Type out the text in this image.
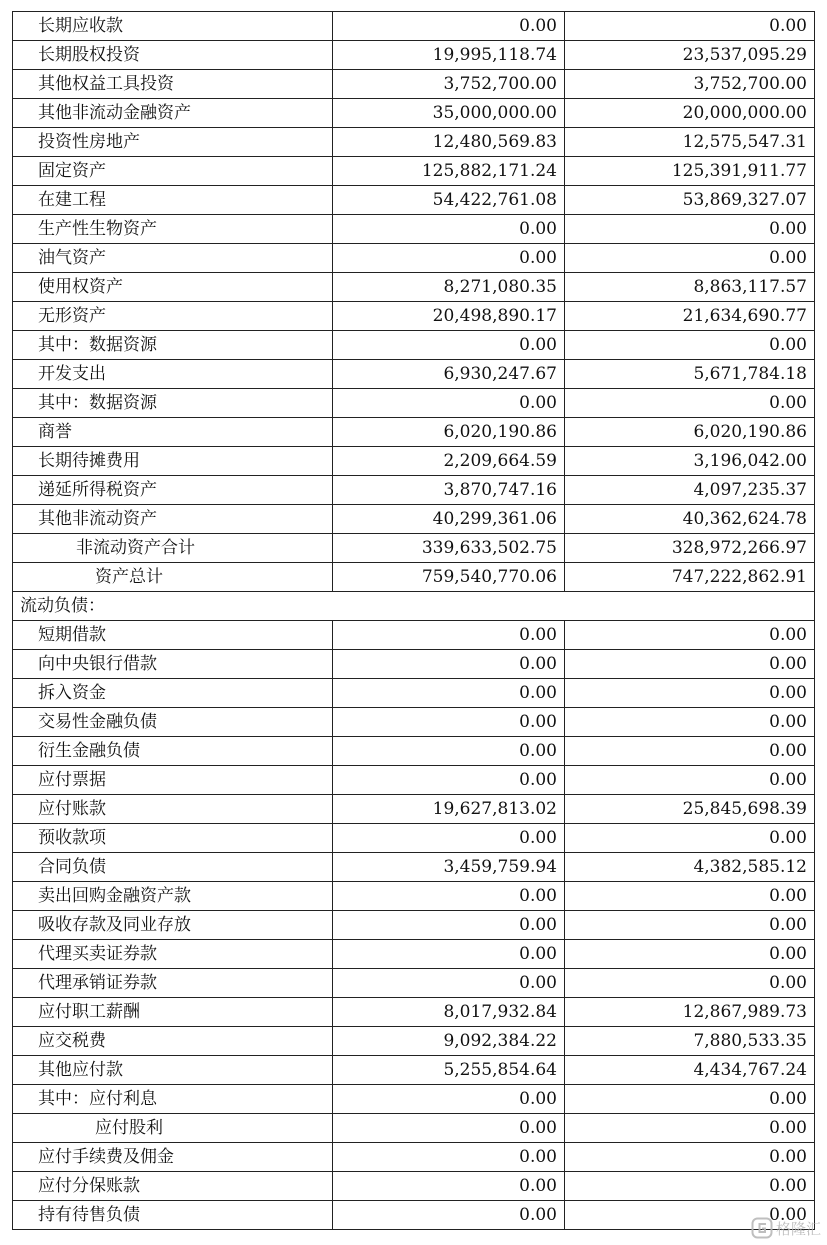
长期应收款	0.00	0.00
长期股权投资	19,995,118.74	23,537,095.29
其他权益工具投资	3,752,700.00	3,752,700.00
其他非流动金融资产	35,000,000.00	20,000,000.00
投资性房地产	12,480,569.83	12,575,547.31
固定资产	125,882,171.24	125,391,911.77
在建工程	54,422,761.08	53,869,327.07
生产性生物资产	0.00	0.00
油气资产	0.00	0.00
使用权资产	8,271,080.35	8,863,117.57
无形资产	20,498,890.17	21,634,690.77
其中：数据资源	0.00	0.00
开发支出	6,930,247.67	5,671,784.18
其中：数据资源	0.00	0.00
商誉	6,020,190.86	6,020,190.86
长期待摊费用	2,209,664.59	3,196,042.00
递延所得税资产	3,870,747.16	4,097,235.37
其他非流动资产	40,299,361.06	40,362,624.78
非流动资产合计	339,633,502.75	328,972,266.97
资产总计	759,540,770.06	747,222,862.91
流动负债：		
短期借款	0.00	0.00
向中央银行借款	0.00	0.00
拆入资金	0.00	0.00
交易性金融负债	0.00	0.00
衍生金融负债	0.00	0.00
应付票据	0.00	0.00
应付账款	19,627,813.02	25,845,698.39
预收款项	0.00	0.00
合同负债	3,459,759.94	4,382,585.12
卖出回购金融资产款	0.00	0.00
吸收存款及同业存放	0.00	0.00
代理买卖证券款	0.00	0.00
代理承销证券款	0.00	0.00
应付职工薪酬	8,017,932.84	12,867,989.73
应交税费	9,092,384.22	7,880,533.35
其他应付款	5,255,854.64	4,434,767.24
其中：应付利息	0.00	0.00
应付股利	0.00	0.00
应付手续费及佣金	0.00	0.00
应付分保账款	0.00	0.00
持有待售负债	0.00	0.00
格隆汇
